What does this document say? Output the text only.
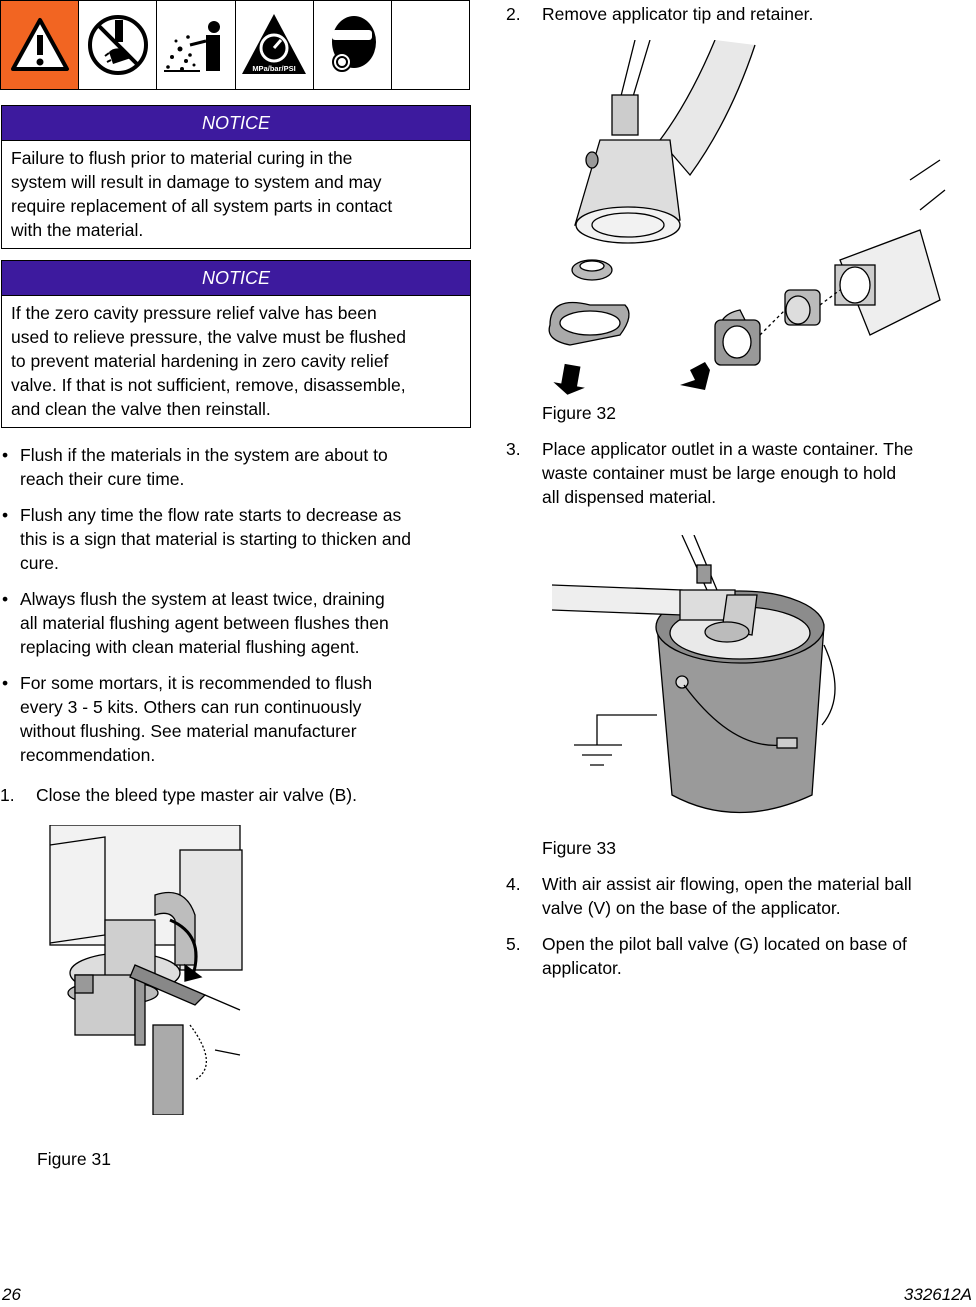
MPa/bar/PSI
NOTICE
Failure to flush prior to material curing in the
system will result in damage to system and may
require replacement of all system parts in contact
with the material.
NOTICE
If the zero cavity pressure relief valve has been
used to relieve pressure, the valve must be flushed
to prevent material hardening in zero cavity relief
valve. If that is not sufficient, remove, disassemble,
and clean the valve then reinstall.
• Flush if the materials in the system are about to
reach their cure time.
• Flush any time the flow rate starts to decrease as
this is a sign that material is starting to thicken and
cure.
• Always flush the system at least twice, draining
all material flushing agent between flushes then
replacing with clean material flushing agent.
• For some mortars, it is recommended to flush
every 3 - 5 kits. Others can run continuously
without flushing. See material manufacturer
recommendation.
1.	Close the bleed type master air valve (B).
Figure 31
2.	Remove applicator tip and retainer.
Figure 32
3.	Place applicator outlet in a waste container. The
waste container must be large enough to hold
all dispensed material.
Figure 33
4.	With air assist air flowing, open the material ball
valve (V) on the base of the applicator.
5.	Open the pilot ball valve (G) located on base of
applicator.
26	332612A
